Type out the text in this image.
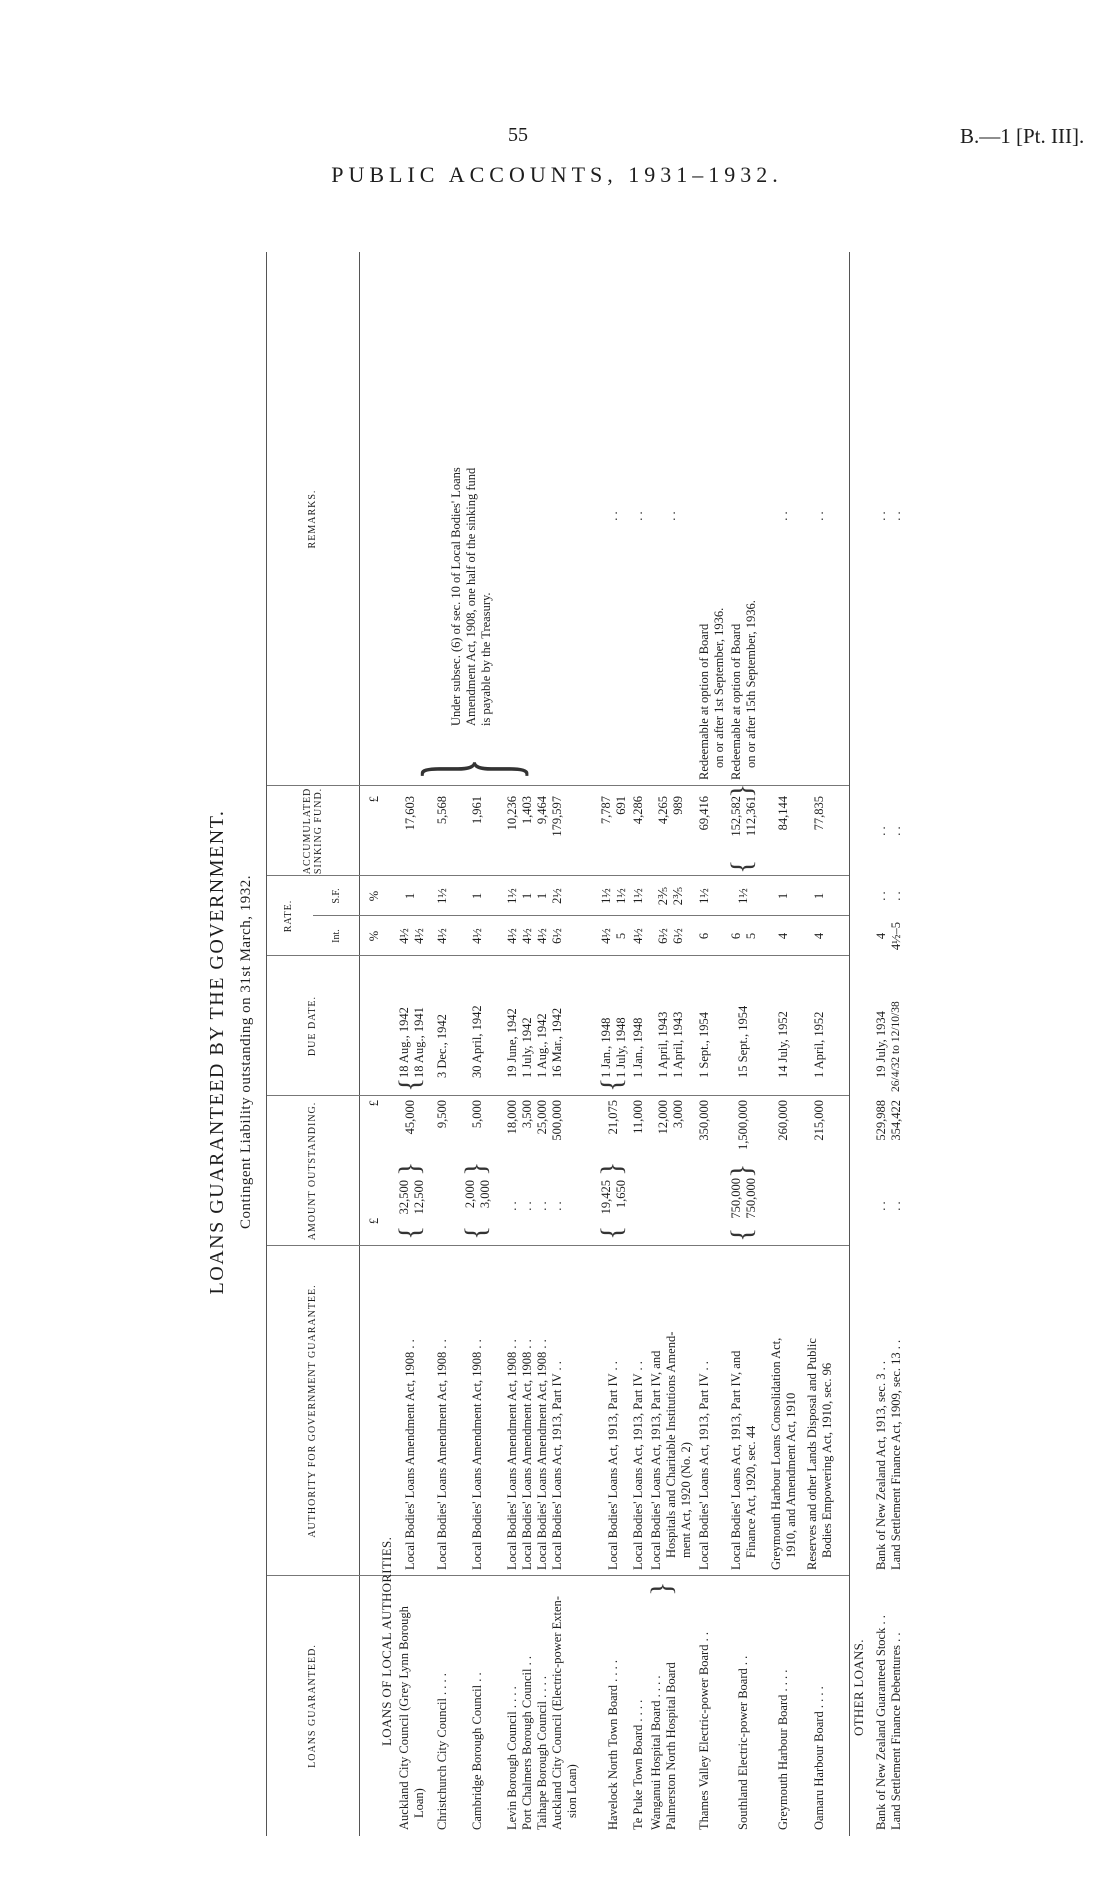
55	B.—1 [Pt. III].
PUBLIC ACCOUNTS, 1931–1932.
LOANS GUARANTEED BY THE GOVERNMENT. Contingent Liability outstanding on 31st March, 1932.
LOANS GUARANTEED.
AUTHORITY FOR GOVERNMENT GUARANTEE.
AMOUNT OUTSTANDING.
DUE DATE.
RATE.
Int.
S.F.
ACCUMULATED SINKING FUND.
REMARKS.
£
£
%
%
£
LOANS OF LOCAL AUTHORITIES. Auckland City Council (Grey Lynn Borough Loan)
Local Bodies' Loans Amendment Act, 1908 . .
{
32,500 12,500
}
45,000
{
18 Aug., 1942 18 Aug., 1941
4½ 4½
1
17,603
Christchurch City Council . . . .
Local Bodies' Loans Amendment Act, 1908 . .
9,500
3 Dec., 1942
4½
1½
5,568
Cambridge Borough Council . .
Local Bodies' Loans Amendment Act, 1908 . .
{
2,000 3,000
}
5,000
30 April, 1942
4½
1
1,961
Levin Borough Council . . . .
Local Bodies' Loans Amendment Act, 1908 . .
. .
18,000
19 June, 1942
4½
1½
10,236
Port Chalmers Borough Council . .
Local Bodies' Loans Amendment Act, 1908 . .
. .
3,500
1 July, 1942
4½
1
1,403
Taihape Borough Council . . . .
Local Bodies' Loans Amendment Act, 1908 . .
. .
25,000
1 Aug., 1942
4½
1
9,464
Auckland City Council (Electric-power Exten- sion Loan)
Local Bodies' Loans Act, 1913, Part IV . .
. .
500,000
16 Mar., 1942
6½
2½
179,597
}
Under subsec. (6) of sec. 10 of Local Bodies' Loans Amendment Act, 1908, one half of the sinking fund is payable by the Treasury.
Havelock North Town Board . . . .
Local Bodies' Loans Act, 1913, Part IV . .
{
19,425 1,650
}
21,075
{
1 Jan., 1948 1 July, 1948
4½ 5
1½ 1½
7,787 691
. .
Te Puke Town Board . . . .
Local Bodies' Loans Act, 1913, Part IV . .
11,000
1 Jan., 1948
4½
1½
4,286
. .
Wanganui Hospital Board . . . . Palmerston North Hospital Board
}
Local Bodies' Loans Act, 1913, Part IV, and Hospitals and Charitable Institutions Amend- ment Act, 1920 (No. 2)
12,000 3,000
1 April, 1943 1 April, 1943
6½ 6½
2⅗ 2⅗
4,265 989
. .
Thames Valley Electric-power Board . .
Local Bodies' Loans Act, 1913, Part IV . .
350,000
1 Sept., 1954
6
1½
69,416
Redeemable at option of Board on or after 1st September, 1936.
Southland Electric-power Board . .
Local Bodies' Loans Act, 1913, Part IV, and Finance Act, 1920, sec. 44
{
750,000 750,000
}
1,500,000
15 Sept., 1954
6 5
1½
{
152,582 112,361
}
Redeemable at option of Board on or after 15th September, 1936.
Greymouth Harbour Board . . . .
Greymouth Harbour Loans Consolidation Act, 1910, and Amendment Act, 1910
260,000
14 July, 1952
4
1
84,144
. .
Oamaru Harbour Board . . . .
Reserves and other Lands Disposal and Public Bodies Empowering Act, 1910, sec. 96
215,000
1 April, 1952
4
1
77,835
. .
OTHER LOANS. Bank of New Zealand Guaranteed Stock . .
Bank of New Zealand Act, 1913, sec. 3 . .
. .
529,988
19 July, 1934
4
. .
. .
. .
Land Settlement Finance Debentures . .
Land Settlement Finance Act, 1909, sec. 13 . .
. .
354,422
26/4/32 to 12/10/38
4½–5
. .
. .
. .
